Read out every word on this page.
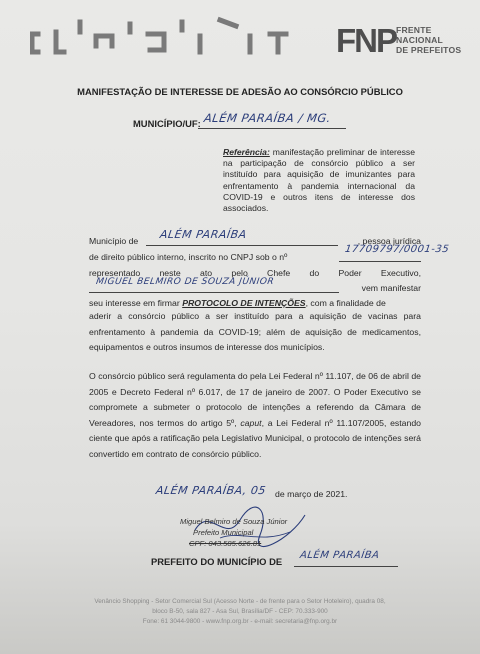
FNP FRENTE
NACIONAL
DE PREFEITOS
MANIFESTAÇÃO DE INTERESSE DE ADESÃO AO CONSÓRCIO PÚBLICO
MUNICÍPIO/UF: ALÉM PARAÍBA / MG.
Referência: manifestação preliminar de interesse na participação de consórcio público a ser instituído para aquisição de imunizantes para enfrentamento à pandemia internacional da COVID-19 e outros itens de interesse dos associados.
Município de	, pessoa jurídica
ALÉM PARAÍBA
de direito público interno, inscrito no CNPJ sob o nº
17709797/0001-35
representado neste ato pelo Chefe do Poder Executivo,
vem manifestar
MIGUEL BELMIRO DE SOUZA JÚNIOR
seu interesse em firmar PROTOCOLO DE INTENÇÕES, com a finalidade de
aderir a consórcio público a ser instituído para a aquisição de vacinas para enfrentamento à pandemia da COVID-19; além de aquisição de medicamentos, equipamentos e outros insumos de interesse dos municípios.
O consórcio público será regulamenta do pela Lei Federal nº 11.107, de 06 de abril de 2005 e Decreto Federal nº 6.017, de 17 de janeiro de 2007. O Poder Executivo se compromete a submeter o protocolo de intenções a referendo da Câmara de Vereadores, nos termos do artigo 5º, caput, a Lei Federal nº 11.107/2005, estando ciente que após a ratificação pela Legislativo Municipal, o protocolo de intenções será convertido em contrato de consórcio público.
ALÉM PARAÍBA, 05 de março de 2021.
Miguel Belmiro de Souza Júnior
Prefeito Municipal
CPF: 043.585.626.81
PREFEITO DO MUNICÍPIO DE
ALÉM PARAÍBA
Venâncio Shopping - Setor Comercial Sul (Acesso Norte - de frente para o Setor Hoteleiro), quadra 08,
bloco B-50, sala 827 - Asa Sul, Brasília/DF - CEP: 70.333-900
Fone: 61 3044-9800 - www.fnp.org.br - e-mail: secretaria@fnp.org.br
